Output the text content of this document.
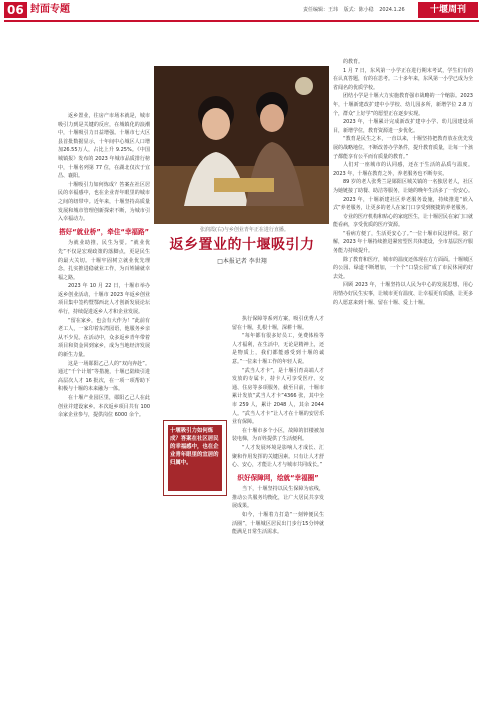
06 封面专题	责任编辑：王玮 版式：陈小稳 2024.1.26	十堰周刊

返乡置业，往房产市场本就是，城市吸引力到是关键的反应，在城镇化的浪潮中，十堰吸引力日益增强。十堰市七大区县首批数据显示，十年间中心城区人口增加26.55万人，占比上升 9.25%。《中国城镇报》发布的 2023 年城市品质排行榜中，十堰名列第 77 位，在湖北仅次于宜昌、襄阳。

十堰吸引力如何炼成？答案在社区居民的幸福感中，也在企业青年眼里的城市之间的纽带中。近年来，十堰坚持高质量发展和城市管理创新探索不断，为城市引入幸福动力。

搭好“就业桥”，牵住“幸福路”

为就业助推，民生为要。“就业优先”不仅是宏观政策的落脚点，更是民生的最大关切。十堰牢固树立就业优先理念，扎实推进稳就业工作，为百姓铺就幸福之路。

2023 年 10 月 22 日，十堰市举办返乡创业活动，十堰市 2023 年返乡创业项目集中签约暨鄂西北人才创新发展论坛举行，持续促进返乡人才和企业发展。

“留在家乡，也会有大作为！”此前有老工人，一家印着东湾园语，他服务乡亲从不少见。在活动中，众多返乡青年带着项目和资金回到家乡，成为当地经济发展的新生力量。

这是一场郧阳乙己人的“双向奔赴”。通过“千个计划”等措施，十堰已陆续引进高层次人才 16 批次，在一项一项帮助下积极与十堰的未来融为一体。

在十堰产业园区里，郧阳乙己人在此创业并建设家乡。本次返乡项目共有 100 余家企业参与，提供岗位 6000 余个。

张润霞(右)与乡创业青年正在进行直播。
返乡置业的十堰吸引力
□本报记者 李世翔
十堰吸引力如何炼成？答案在社区居民的幸福感中，也在企业青年眼里的宜居的归属中。

执行保障等系列方案，吸引优秀人才留在十堰，扎根十堰，深耕十堰。

“每年都有很多好员工，免费体检等人才福利，在生活中，无论是精神上，还是物质上，我们都能感受到十堰的诚意。”一位来十堰工作的年轻人说。

“武当人才卡”，是十堰引育高端人才发放的专属卡，持卡人可享受医疗、交通、住房等多项服务，截至目前，十堰市累计发放“武当人才卡”4366 张，其中全市 259 人，累计 2048 人，其余 2044 人。“武当人才卡”让人才在十堰的安居乐业有保障。

在十堰市多个小区，故障的旧楼被加装电梯，为百姓提供了生活便利。

“人才发展环境是影响人才成长、汇聚和作用发挥的关键因素。只有让人才舒心、安心，才能让人才与城市共同成长。”

织好保障网，绘就“幸福圈”

当下，十堰坚持以民生保障为底线，推动公共服务均衡化，让广大居民共享发展成果。

如今，十堰着力打造“一刻钟便民生活圈”，十堰城区居民出门步行15分钟就能满足日常生活需求。

的教育。

1 月 7 日，东风第一小学正在进行期末考试，学生们有的在认真答题，有的在思考。二十多年来，东风第一小学已成为全省闻名的优质学校。

团结小学是十堰大力实施教育强市战略的一个缩影。2023 年，十堰新建改扩建中小学校、幼儿园多所，新增学位 2.8 万个，群众“上好学”的愿望正在逐步实现。

2023 年，十堰累计完成新改扩建中小学、幼儿园建设项目，新增学位，教育资源进一步优化。

“教育是民生之本，一直以来，十堰坚持把教育放在优先发展的战略地位，不断改善办学条件，提升教育质量，让每一个孩子都能享有公平而有质量的教育。”

人们对一座城市的认同感，还在于生活的品质与温度。2023 年，十堰在教育之外，养老服务也不断夯实。

89 岁的老人张秀兰是郧阳区城关镇的一名独居老人，社区为她链接了助餐、助洁等服务，让她的晚年生活多了一份安心。

2023 年，十堰新建社区养老服务设施，持续推进“嵌入式”养老服务，让更多的老人在家门口享受到便捷的养老服务。

专业的医疗机构和贴心的家庭医生，让十堰居民在家门口就能看病，享受优质的医疗资源。

“看病方便了，生活更安心了。”一位十堰市民这样说。据了解，2023 年十堰持续推进紧密型医共体建设，全市基层医疗服务能力持续提升。

除了教育和医疗，城市的温度还体现在方方面面。十堰城区的公园、绿道不断增加，一个个“口袋公园”成了市民休闲的好去处。

回顾 2023 年，十堰坚持以人民为中心的发展思想，用心用情办好民生实事，让城市更有温度、让幸福更有质感，让更多的人愿意来到十堰、留在十堰、爱上十堰。
